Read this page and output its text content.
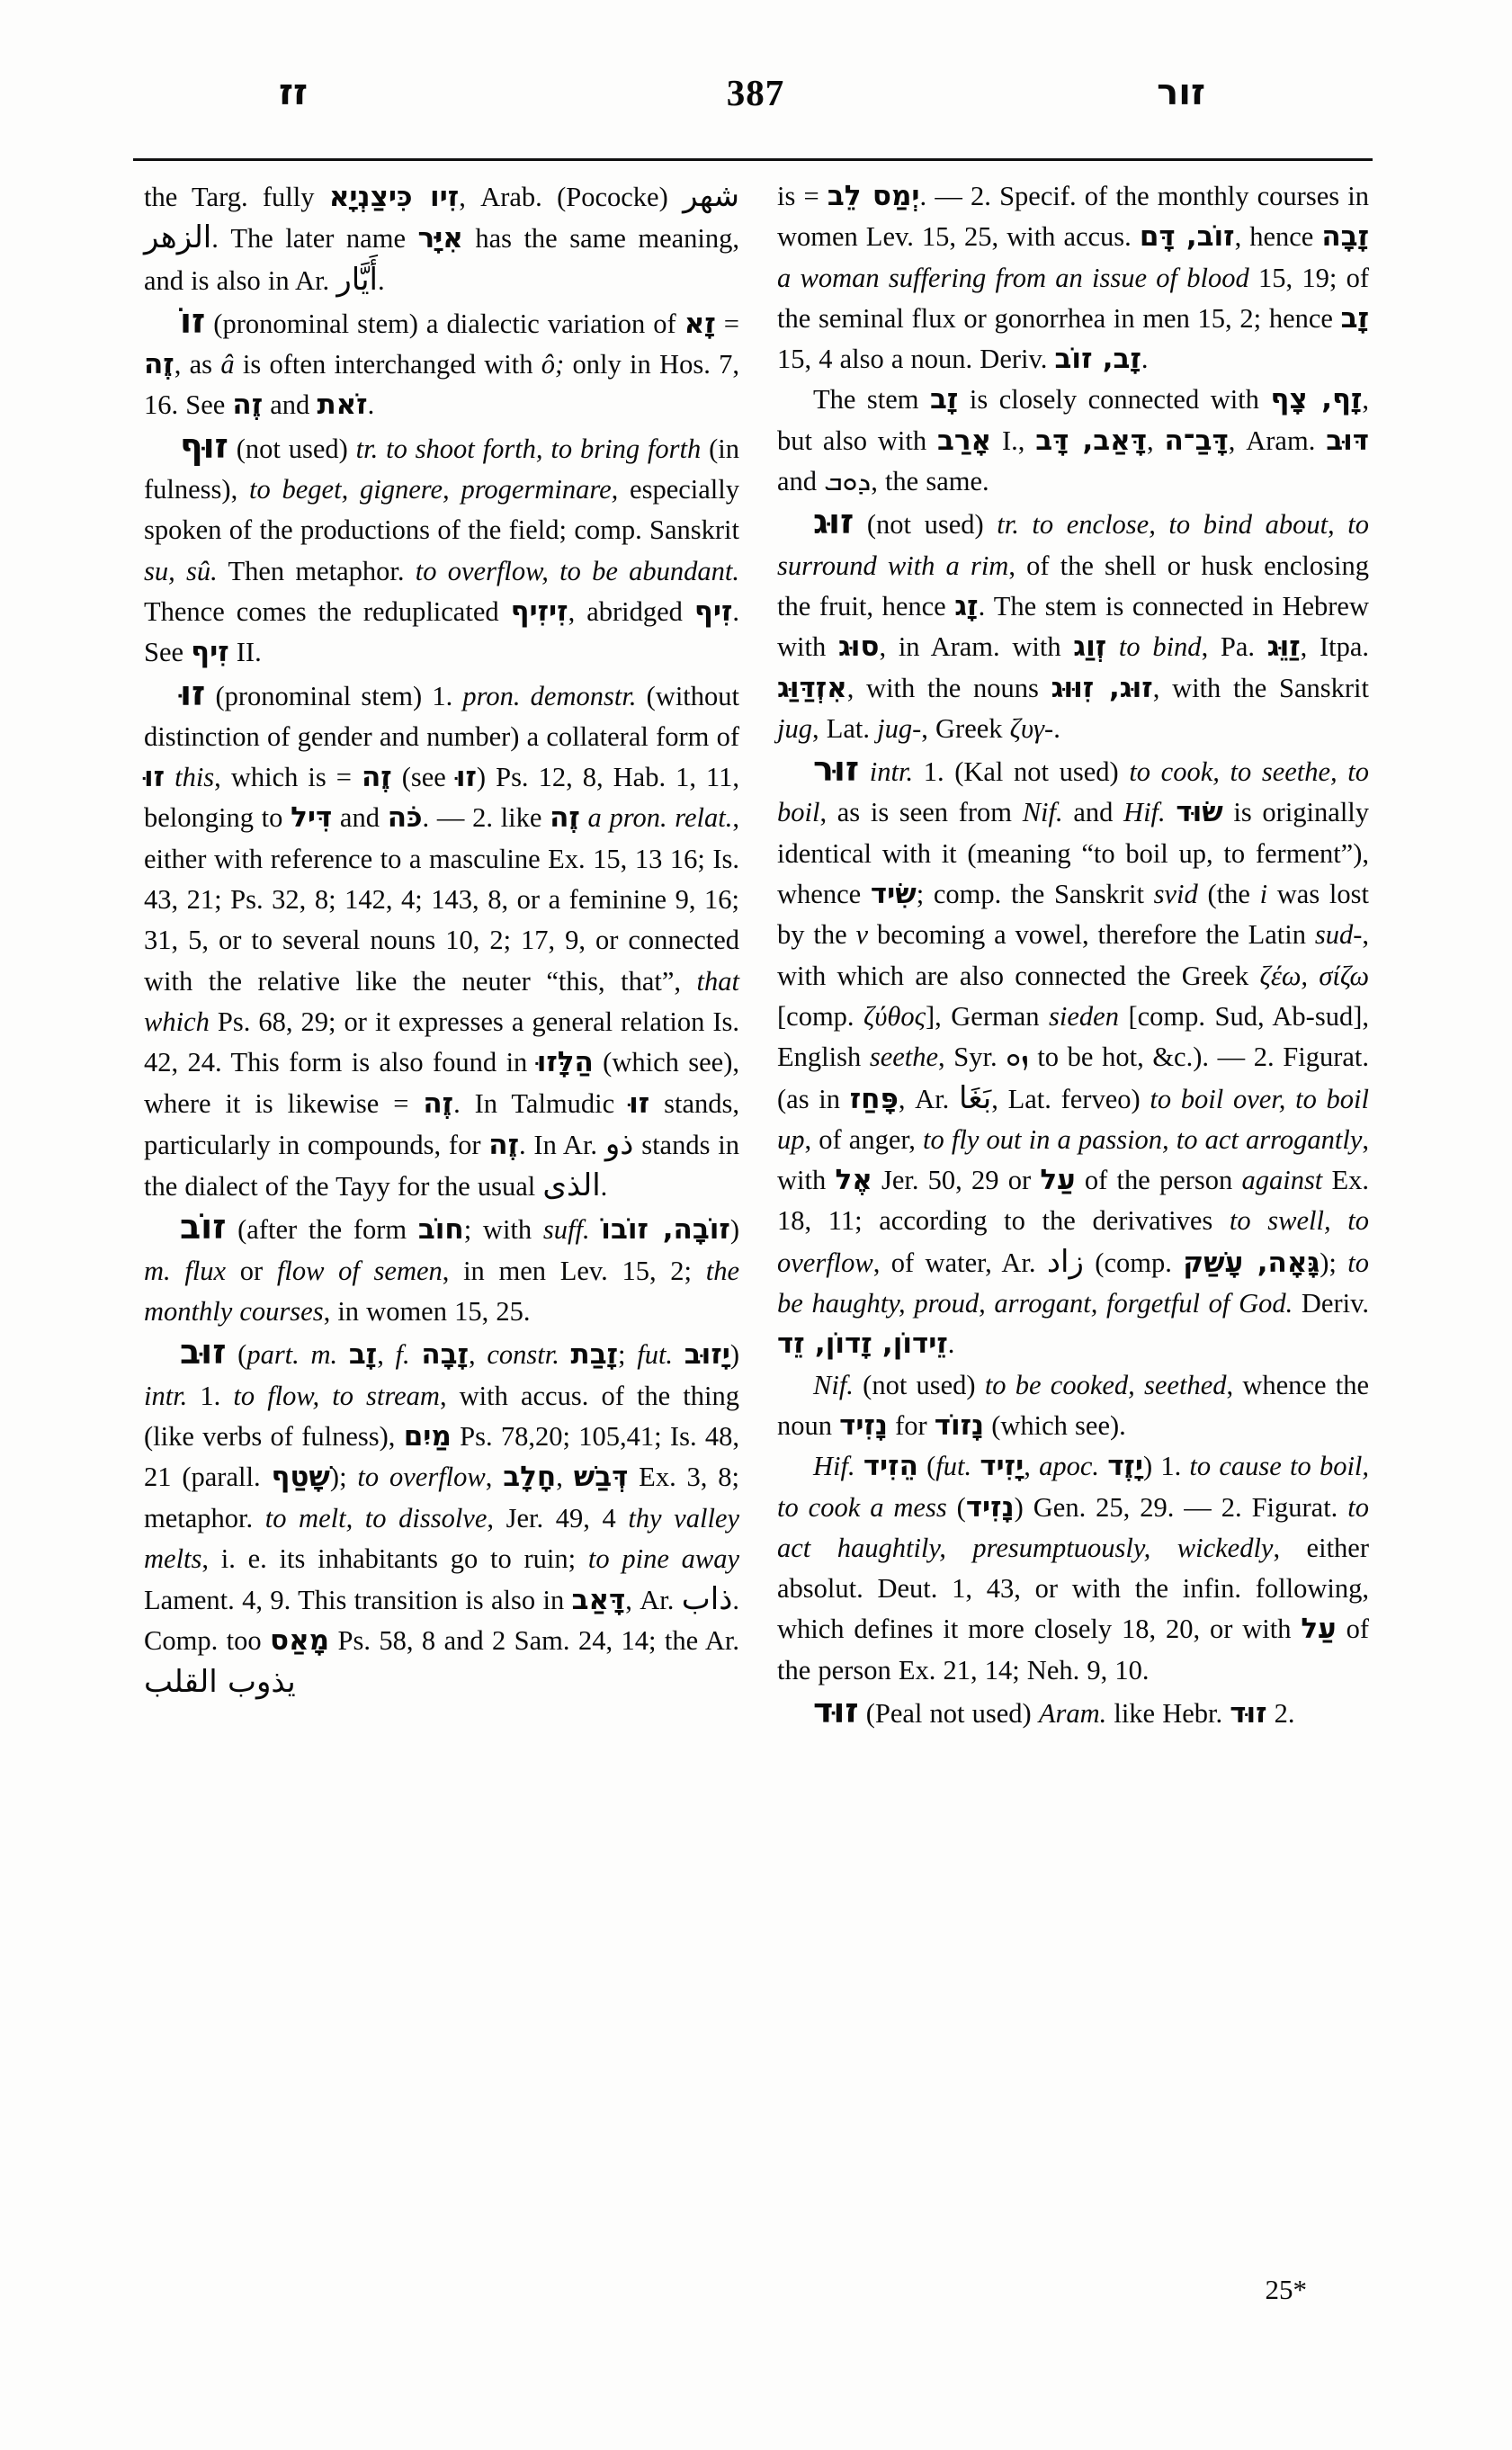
זז	387	זור

the Targ. fully זִיו כִּיצַנְיָא, Arab. (Pococke) شهر الزهر. The later name אִיָּר has the same meaning, and is also in Ar. أَيَّار.

זוֹ (pronominal stem) a dialectic variation of זָא = זֶה, as â is often interchanged with ô; only in Hos. 7, 16. See זֶה and זֹאת.

זוּף (not used) tr. to shoot forth, to bring forth (in fulness), to beget, gignere, progerminare, especially spoken of the productions of the field; comp. Sanskrit su, sû. Then metaphor. to overflow, to be abundant. Thence comes the reduplicated זִיזִיף, abridged זִיף. See זִיף II.

זוּ (pronominal stem) 1. pron. demonstr. (without distinction of gender and number) a collateral form of זוּ this, which is = זֶה (see זוּ) Ps. 12, 8, Hab. 1, 11, belonging to דִּיל and כֹּה. — 2. like זֶה a pron. relat., either with reference to a masculine Ex. 15, 13 16; Is. 43, 21; Ps. 32, 8; 142, 4; 143, 8, or a feminine 9, 16; 31, 5, or to several nouns 10, 2; 17, 9, or connected with the relative like the neuter “this, that”, that which Ps. 68, 29; or it expresses a general relation Is. 42, 24. This form is also found in הַלָּזוּ (which see), where it is likewise = זֶה. In Talmudic זוּ stands, particularly in compounds, for זֶה. In Ar. ذو stands in the dialect of the Tayy for the usual الذى.

זוֹב (after the form חוֹב; with suff. זוֹבָה, זוֹבוֹ) m. flux or flow of semen, in men Lev. 15, 2; the monthly courses, in women 15, 25.

זוּב (part. m. זָב, f. זָבָה, constr. זָבַת; fut. יָזוּב) intr. 1. to flow, to stream, with accus. of the thing (like verbs of fulness), מַיִם Ps. 78,20; 105,41; Is. 48, 21 (parall. שָׁטַף); to overflow, חָלָב, דְּבַשׁ Ex. 3, 8; metaphor. to melt, to dissolve, Jer. 49, 4 thy valley melts, i. e. its inhabitants go to ruin; to pine away Lament. 4, 9. This transition is also in דָּאַב, Ar. ذاب. Comp. too מָאַס Ps. 58, 8 and 2 Sam. 24, 14; the Ar. يذوب القلب

is = יְמַס לֵב. — 2. Specif. of the monthly courses in women Lev. 15, 25, with accus. זוֹב, דָּם, hence זָבָה a woman suffering from an issue of blood 15, 19; of the seminal flux or gonorrhea in men 15, 2; hence זָב 15, 4 also a noun. Deriv. זָב, זוֹב.

The stem זָב is closely connected with זָף, צָף, but also with אָרַב I., דָּאַב, דָּב, דָּבַ־ה, Aram. דּוּב and ܕܘܒ, the same.

זוּג (not used) tr. to enclose, to bind about, to surround with a rim, of the shell or husk enclosing the fruit, hence זָג. The stem is connected in Hebrew with סוּג, in Aram. with זְוַג to bind, Pa. זַוֵּג, Itpa. אִזְדַּוַּג, with the nouns זוּג, זִוּוּג, with the Sanskrit jug, Lat. jug-, Greek ζυγ-.

זוּר intr. 1. (Kal not used) to cook, to seethe, to boil, as is seen from Nif. and Hif. שׂוּד is originally identical with it (meaning “to boil up, to ferment”), whence שִׂיד; comp. the Sanskrit svid (the i was lost by the v becoming a vowel, therefore the Latin sud-, with which are also connected the Greek ζέω, σίζω [comp. ζύθος], German sieden [comp. Sud, Ab-sud], English seethe, Syr. ܙܘ to be hot, &c.). — 2. Figurat. (as in פָּחַז, Ar. بَغَا, Lat. ferveo) to boil over, to boil up, of anger, to fly out in a passion, to act arrogantly, with אֶל Jer. 50, 29 or עַל of the person against Ex. 18, 11; according to the derivatives to swell, to overflow, of water, Ar. زاد (comp. גָּאָה, עָשַׁק); to be haughty, proud, arrogant, forgetful of God. Deriv. זֵידוֹן, זָדוֹן, זֵד.

Nif. (not used) to be cooked, seethed, whence the noun נָזִיד for נָזוֹד (which see).

Hif. הֵזִיד (fut. יָזִיד, apoc. יָזֶד) 1. to cause to boil, to cook a mess (נָזִיד) Gen. 25, 29. — 2. Figurat. to act haughtily, presumptuously, wickedly, either absolut. Deut. 1, 43, or with the infin. following, which defines it more closely 18, 20, or with עַל of the person Ex. 21, 14; Neh. 9, 10.

זוּד (Peal not used) Aram. like Hebr. זוּד 2.

25*
